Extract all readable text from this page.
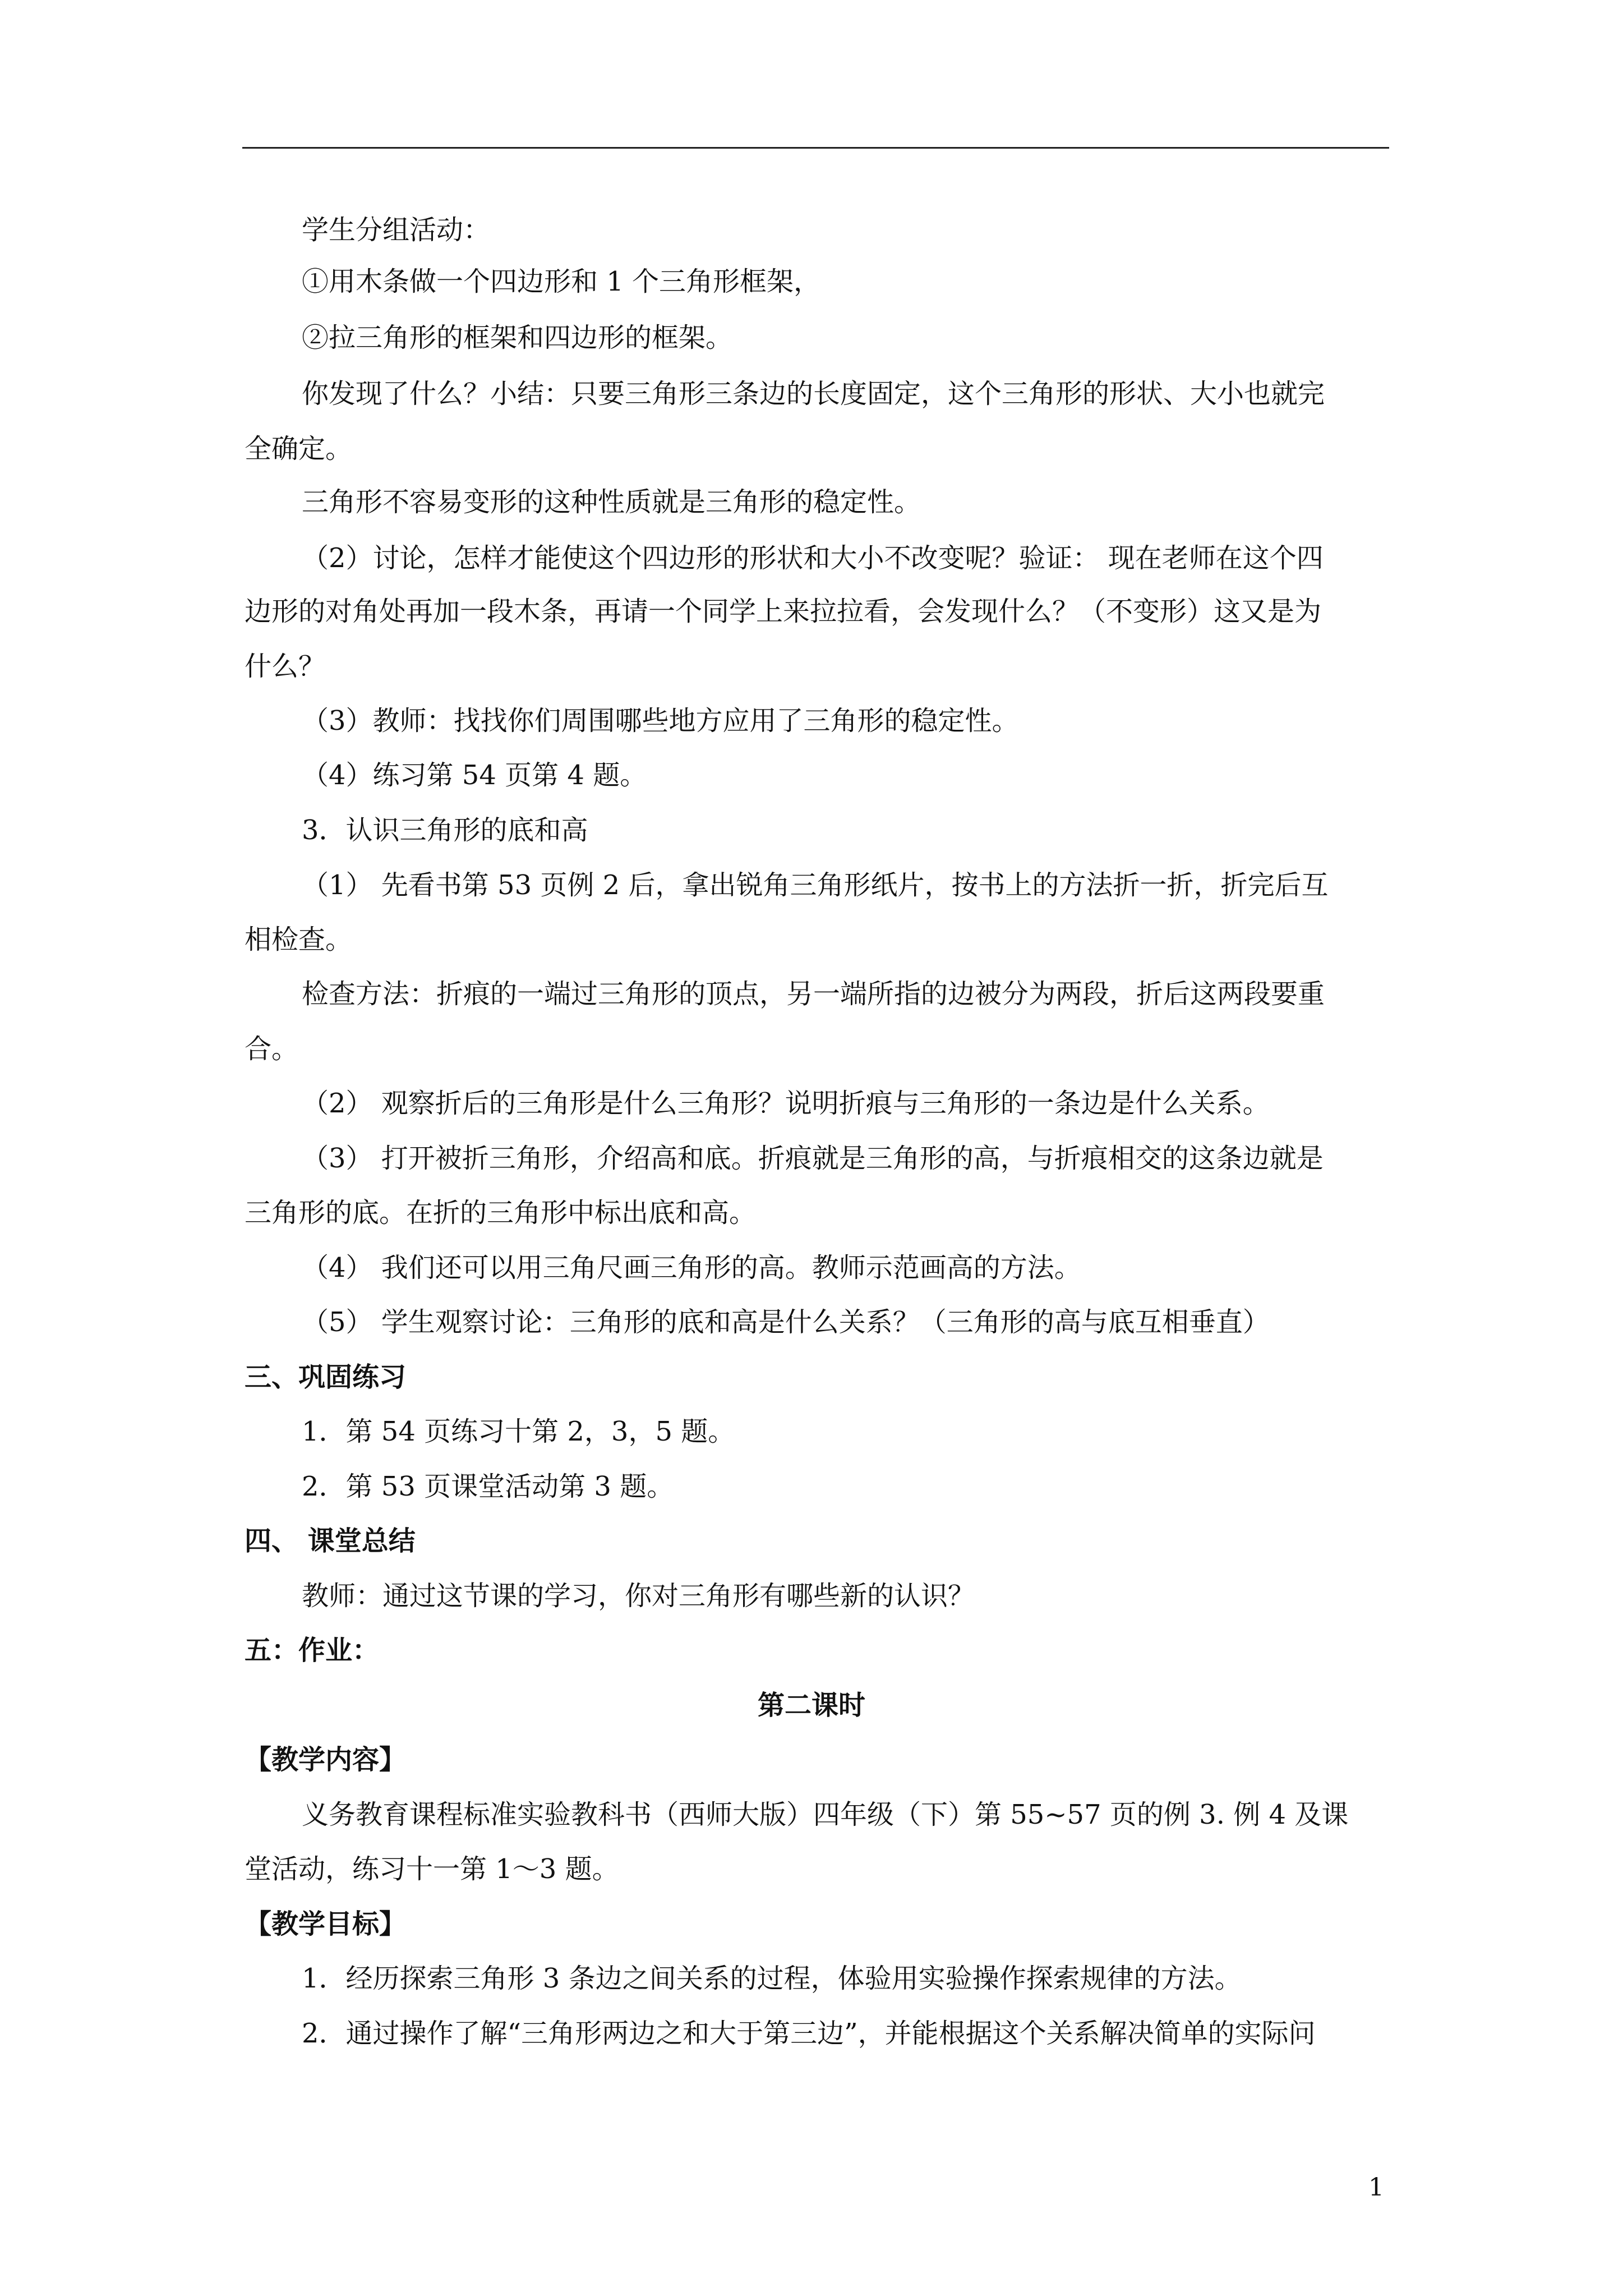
学生分组活动：
①用木条做一个四边形和 1 个三角形框架，
②拉三角形的框架和四边形的框架。
你发现了什么？小结：只要三角形三条边的长度固定，这个三角形的形状、大小也就完
全确定。
三角形不容易变形的这种性质就是三角形的稳定性。
（2）讨论，怎样才能使这个四边形的形状和大小不改变呢？验证： 现在老师在这个四
边形的对角处再加一段木条，再请一个同学上来拉拉看，会发现什么？（不变形）这又是为
什么？
（3）教师：找找你们周围哪些地方应用了三角形的稳定性。
（4）练习第 54 页第 4 题。
3．认识三角形的底和高
（1） 先看书第 53 页例 2 后，拿出锐角三角形纸片，按书上的方法折一折，折完后互
相检查。
检查方法：折痕的一端过三角形的顶点，另一端所指的边被分为两段，折后这两段要重
合。
（2） 观察折后的三角形是什么三角形？说明折痕与三角形的一条边是什么关系。
（3） 打开被折三角形，介绍高和底。折痕就是三角形的高，与折痕相交的这条边就是
三角形的底。在折的三角形中标出底和高。
（4） 我们还可以用三角尺画三角形的高。教师示范画高的方法。
（5） 学生观察讨论：三角形的底和高是什么关系？（三角形的高与底互相垂直）
三、巩固练习
1．第 54 页练习十第 2，3，5 题。
2．第 53 页课堂活动第 3 题。
四、 课堂总结
教师：通过这节课的学习，你对三角形有哪些新的认识？
五：作业：
第二课时
【教学内容】
义务教育课程标准实验教科书（西师大版）四年级（下）第 55~57 页的例 3. 例 4 及课
堂活动，练习十一第 1～3 题。
【教学目标】
1．经历探索三角形 3 条边之间关系的过程，体验用实验操作探索规律的方法。
2．通过操作了解“三角形两边之和大于第三边”，并能根据这个关系解决简单的实际问
1
